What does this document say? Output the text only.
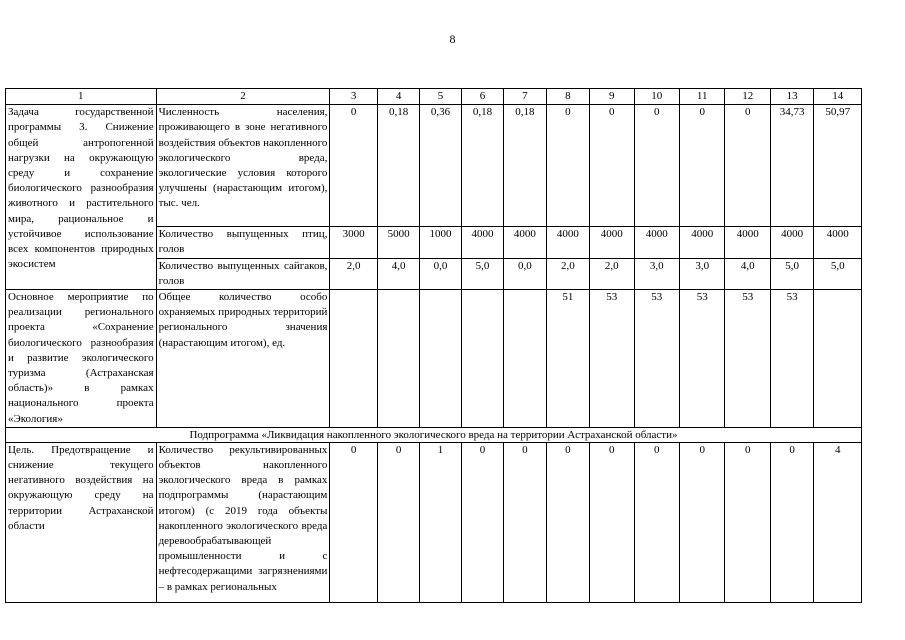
8
1	2	3	4	5	6	7	8	9	10	11	12	13	14
Задача государственной программы 3. Снижение общей антропогенной нагрузки на окружающую среду и сохранение биологического разнообразия животного и растительного мира, рациональное и устойчивое использование всех компонентов природных экосистем	Численность населения, проживающего в зоне негативного воздействия объектов накопленного экологического вреда, экологические условия которого улучшены (нарастающим итогом), тыс. чел.	0	0,18	0,36	0,18	0,18	0	0	0	0	0	34,73	50,97
	Количество выпущенных птиц, голов	3000	5000	1000	4000	4000	4000	4000	4000	4000	4000	4000	4000
	Количество выпущенных сайгаков, голов	2,0	4,0	0,0	5,0	0,0	2,0	2,0	3,0	3,0	4,0	5,0	5,0
Основное мероприятие по реализации регионального проекта «Сохранение биологического разнообразия и развитие экологического туризма (Астраханская область)» в рамках национального проекта «Экология»	Общее количество особо охраняемых природных территорий регионального значения (нарастающим итогом), ед.						51	53	53	53	53	53	
Подпрограмма «Ликвидация накопленного экологического вреда на территории Астраханской области»													
Цель. Предотвращение и снижение текущего негативного воздействия на окружающую среду на территории Астраханской области	Количество рекультивированных объектов накопленного экологического вреда в рамках подпрограммы (нарастающим итогом) (с 2019 года объекты накопленного экологического вреда деревообрабатывающей промышленности и с нефтесодержащими загрязнениями – в рамках региональных	0	0	1	0	0	0	0	0	0	0	0	4
